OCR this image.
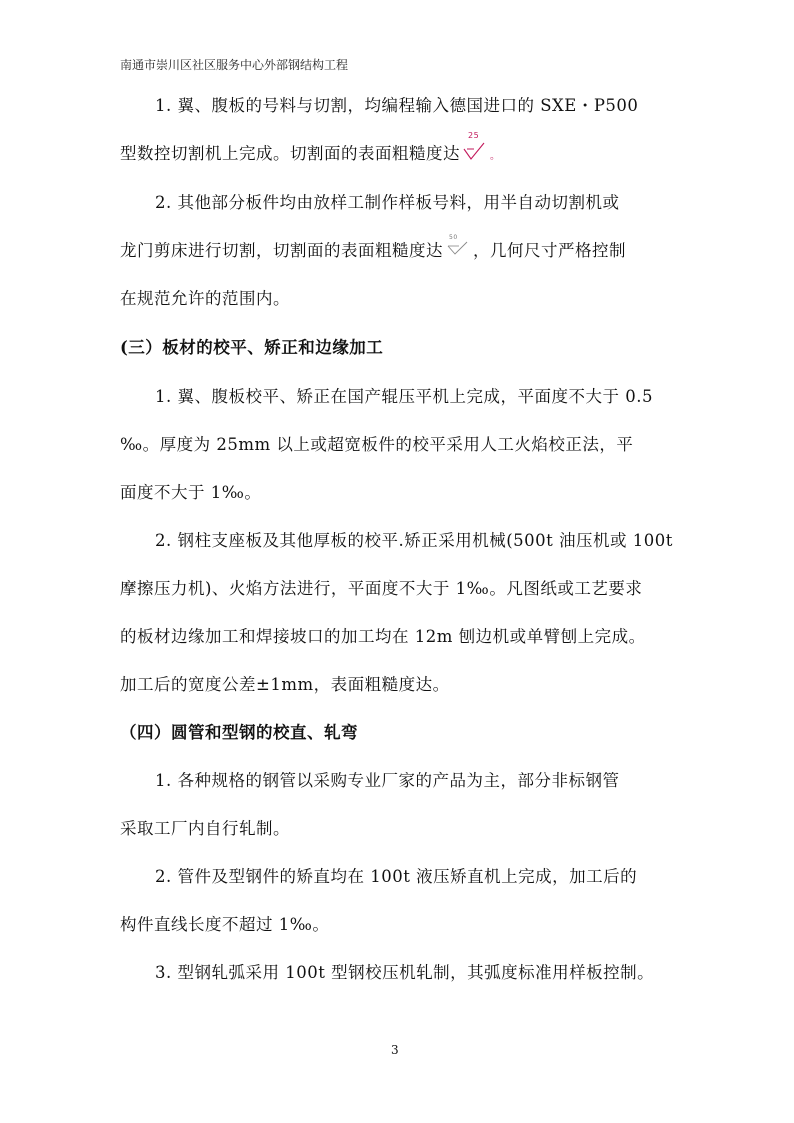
南通市崇川区社区服务中心外部钢结构工程
1. 翼、腹板的号料与切割，均编程输入德国进口的 SXE・P500
型数控切割机上完成。切割面的表面粗糙度达
25
。
2. 其他部分板件均由放样工制作样板号料，用半自动切割机或
龙门剪床进行切割，切割面的表面粗糙度达
50
，几何尺寸严格控制
在规范允许的范围内。
(三）板材的校平、矫正和边缘加工
1. 翼、腹板校平、矫正在国产辊压平机上完成，平面度不大于 0.5
‰。厚度为 25mm 以上或超宽板件的校平采用人工火焰校正法，平
面度不大于 1‰。
2. 钢柱支座板及其他厚板的校平.矫正采用机械(500t 油压机或 100t
摩擦压力机)、火焰方法进行，平面度不大于 1‰。凡图纸或工艺要求
的板材边缘加工和焊接坡口的加工均在 12m 刨边机或单臂刨上完成。
加工后的宽度公差±1mm，表面粗糙度达。
（四）圆管和型钢的校直、轧弯
1. 各种规格的钢管以采购专业厂家的产品为主，部分非标钢管
采取工厂内自行轧制。
2. 管件及型钢件的矫直均在 100t 液压矫直机上完成，加工后的
构件直线长度不超过 1‰。
3. 型钢轧弧采用 100t 型钢校压机轧制，其弧度标准用样板控制。
3
